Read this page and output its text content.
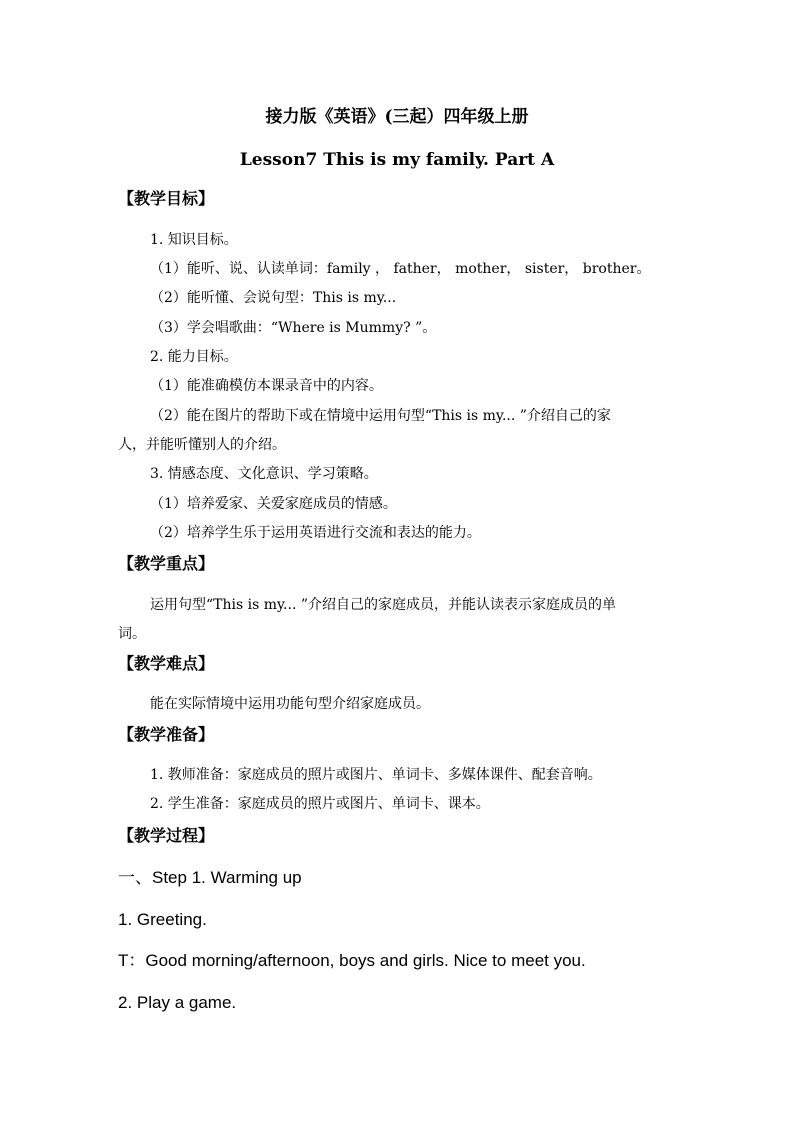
接力版《英语》(三起）四年级上册
Lesson7 This is my family. Part A
【教学目标】
1. 知识目标。
（1）能听、说、认读单词：family ， father， mother， sister， brother。
（2）能听懂、会说句型：This is my...
（3）学会唱歌曲：“Where is Mummy? ”。
2. 能力目标。
（1）能准确模仿本课录音中的内容。
（2）能在图片的帮助下或在情境中运用句型“This is my... ”介绍自己的家
人，并能听懂别人的介绍。
3. 情感态度、文化意识、学习策略。
（1）培养爱家、关爱家庭成员的情感。
（2）培养学生乐于运用英语进行交流和表达的能力。
【教学重点】
运用句型“This is my... ”介绍自己的家庭成员，并能认读表示家庭成员的单
词。
【教学难点】
能在实际情境中运用功能句型介绍家庭成员。
【教学准备】
1. 教师准备：家庭成员的照片或图片、单词卡、多媒体课件、配套音响。
2. 学生准备：家庭成员的照片或图片、单词卡、课本。
【教学过程】
一、Step 1. Warming up
1. Greeting.
T：Good morning/afternoon, boys and girls. Nice to meet you.
2. Play a game.
